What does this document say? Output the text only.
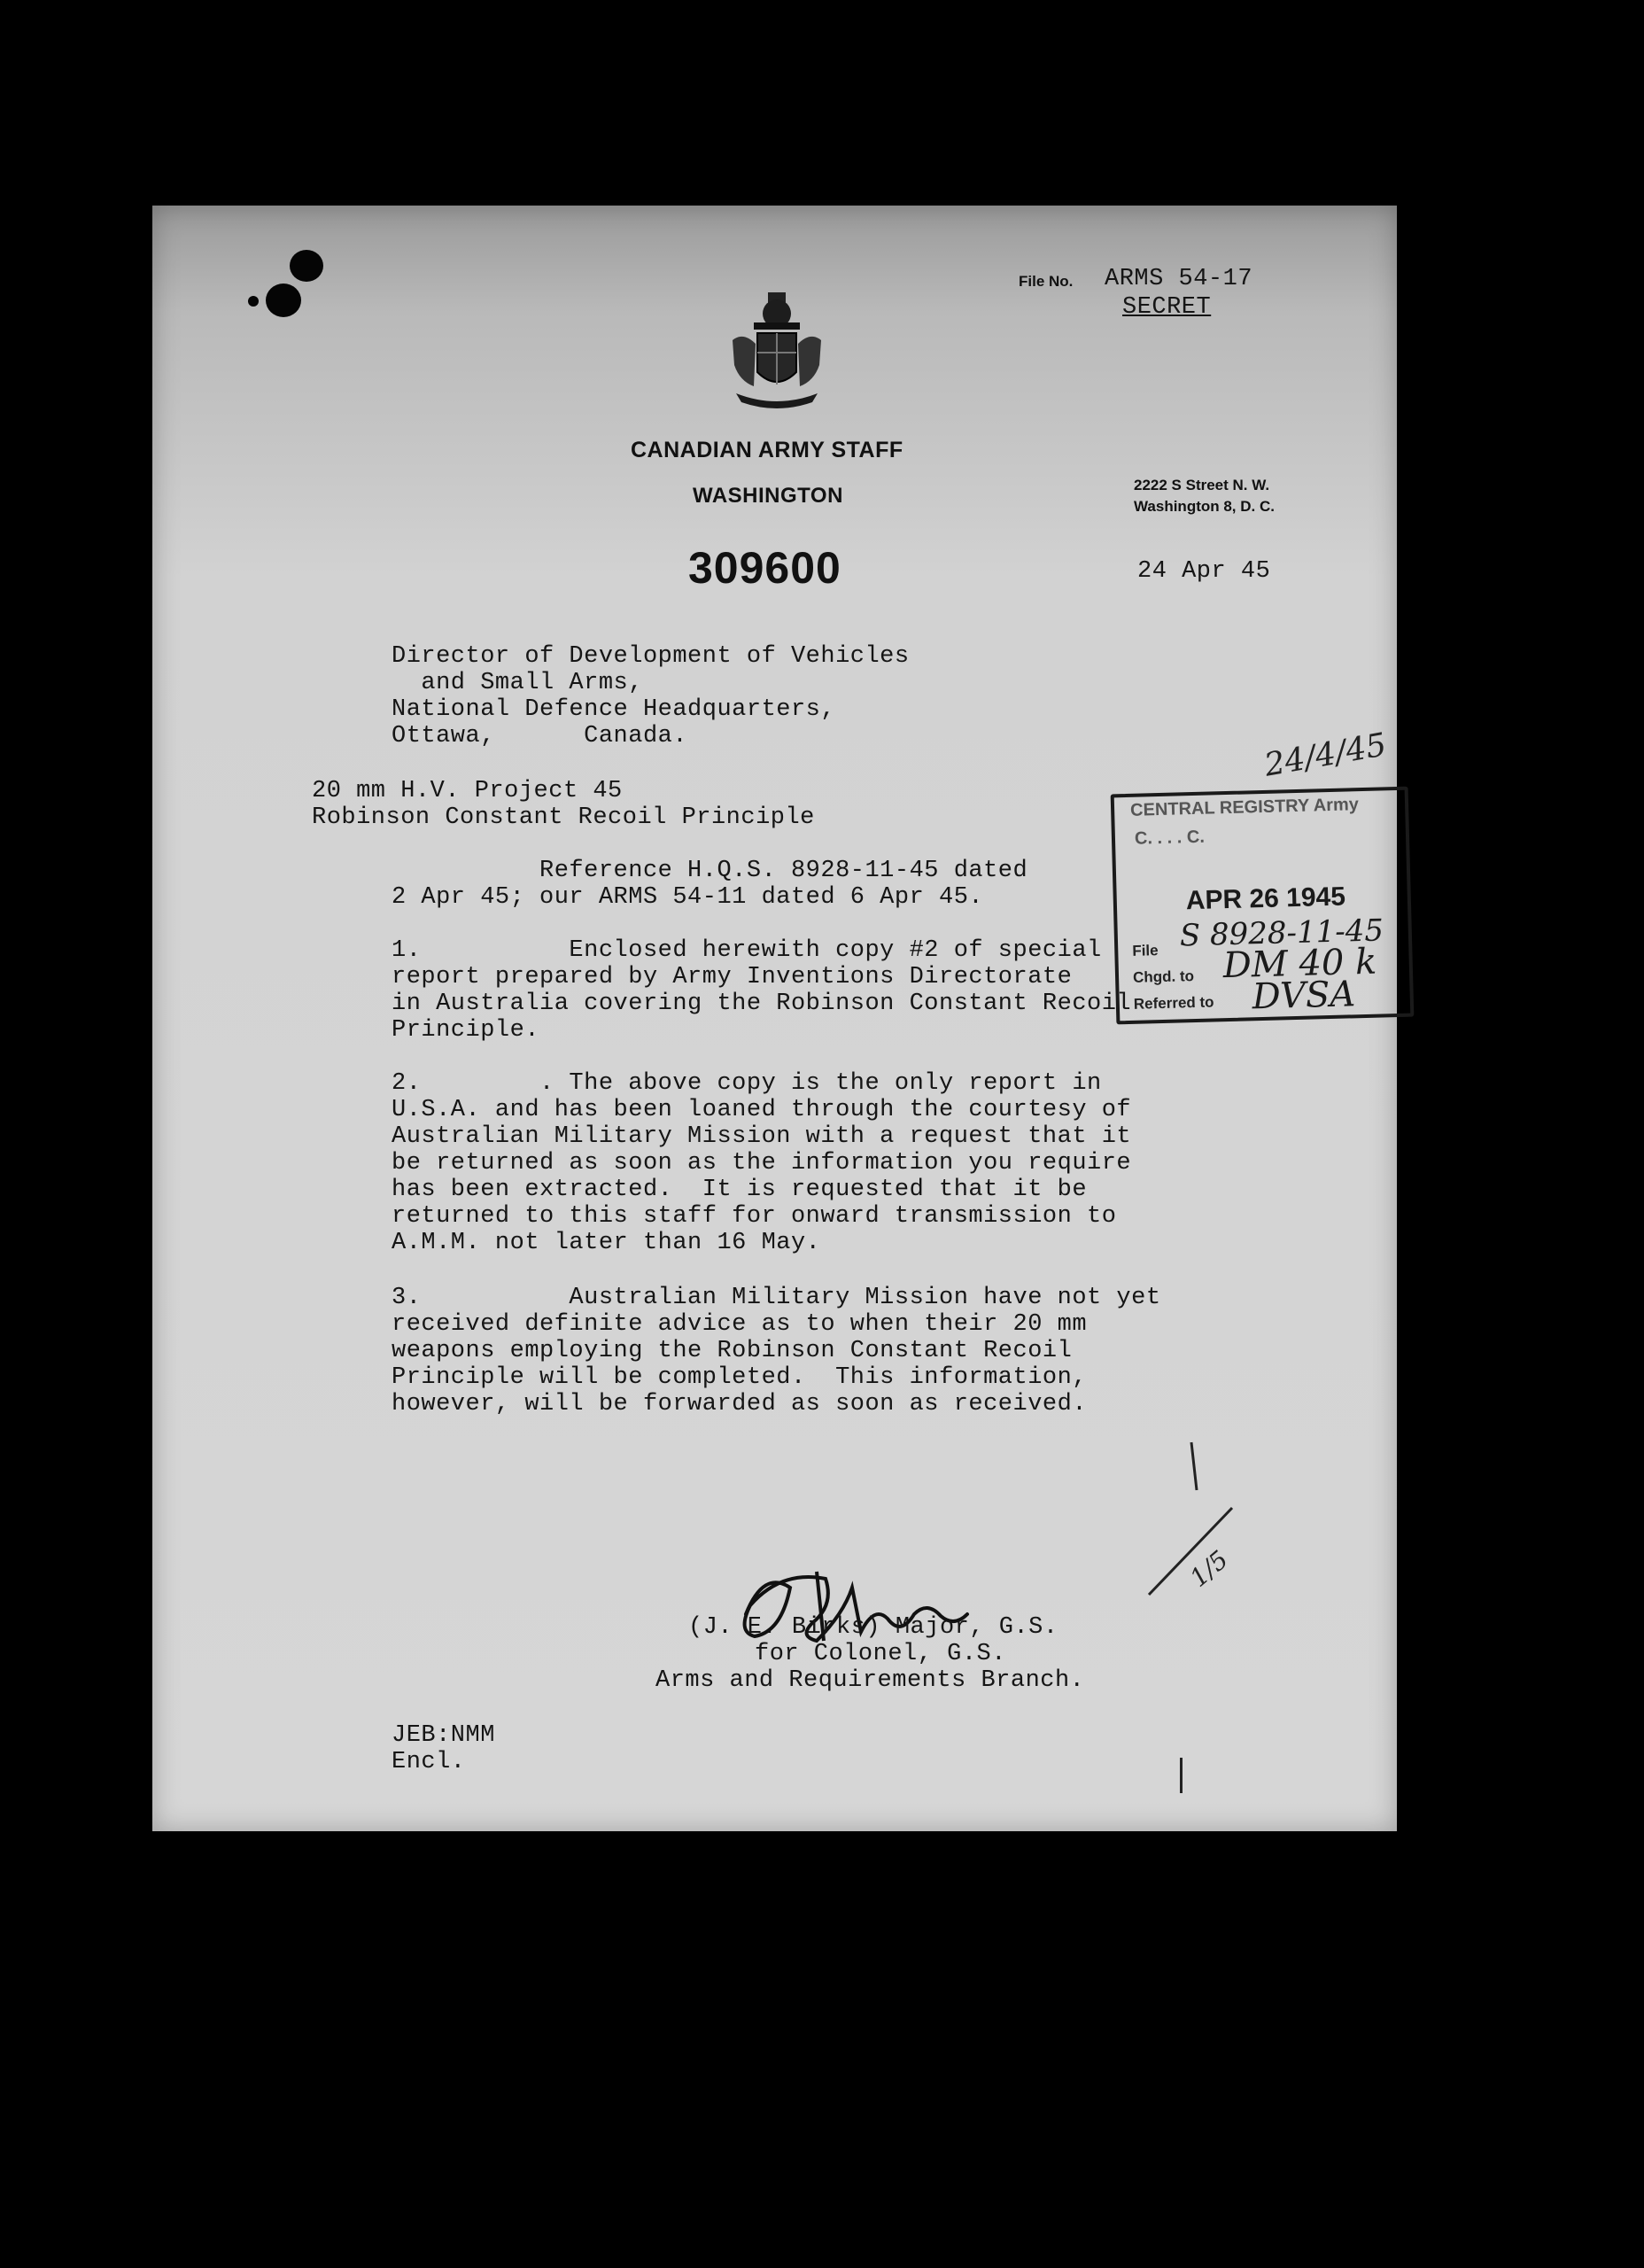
File No. ARMS 54-17
SECRET
CANADIAN ARMY STAFF
WASHINGTON	2222 S Street N. W.
Washington 8, D. C.
309600	24 Apr 45
CENTRAL REGISTRY Army
C. . . . C.
APR 26 1945
File S 8928-11-45
Chgd. to DM 40 k
Referred to DVSA
24/4/45
Director of Development of Vehicles
and Small Arms,
National Defence Headquarters,
Ottawa,      Canada.
20 mm H.V. Project 45
Robinson Constant Recoil Principle
Reference H.Q.S. 8928-11-45 dated
2 Apr 45; our ARMS 54-11 dated 6 Apr 45.
1.          Enclosed herewith copy #2 of special
report prepared by Army Inventions Directorate
in Australia covering the Robinson Constant Recoil
Principle.
2.        . The above copy is the only report in
U.S.A. and has been loaned through the courtesy of
Australian Military Mission with a request that it
be returned as soon as the information you require
has been extracted.  It is requested that it be
returned to this staff for onward transmission to
A.M.M. not later than 16 May.
3.          Australian Military Mission have not yet
received definite advice as to when their 20 mm
weapons employing the Robinson Constant Recoil
Principle will be completed.  This information,
however, will be forwarded as soon as received.
1/5
(J. E. Birks) Major, G.S.
for Colonel, G.S.
Arms and Requirements Branch.
JEB:NMM
Encl.
